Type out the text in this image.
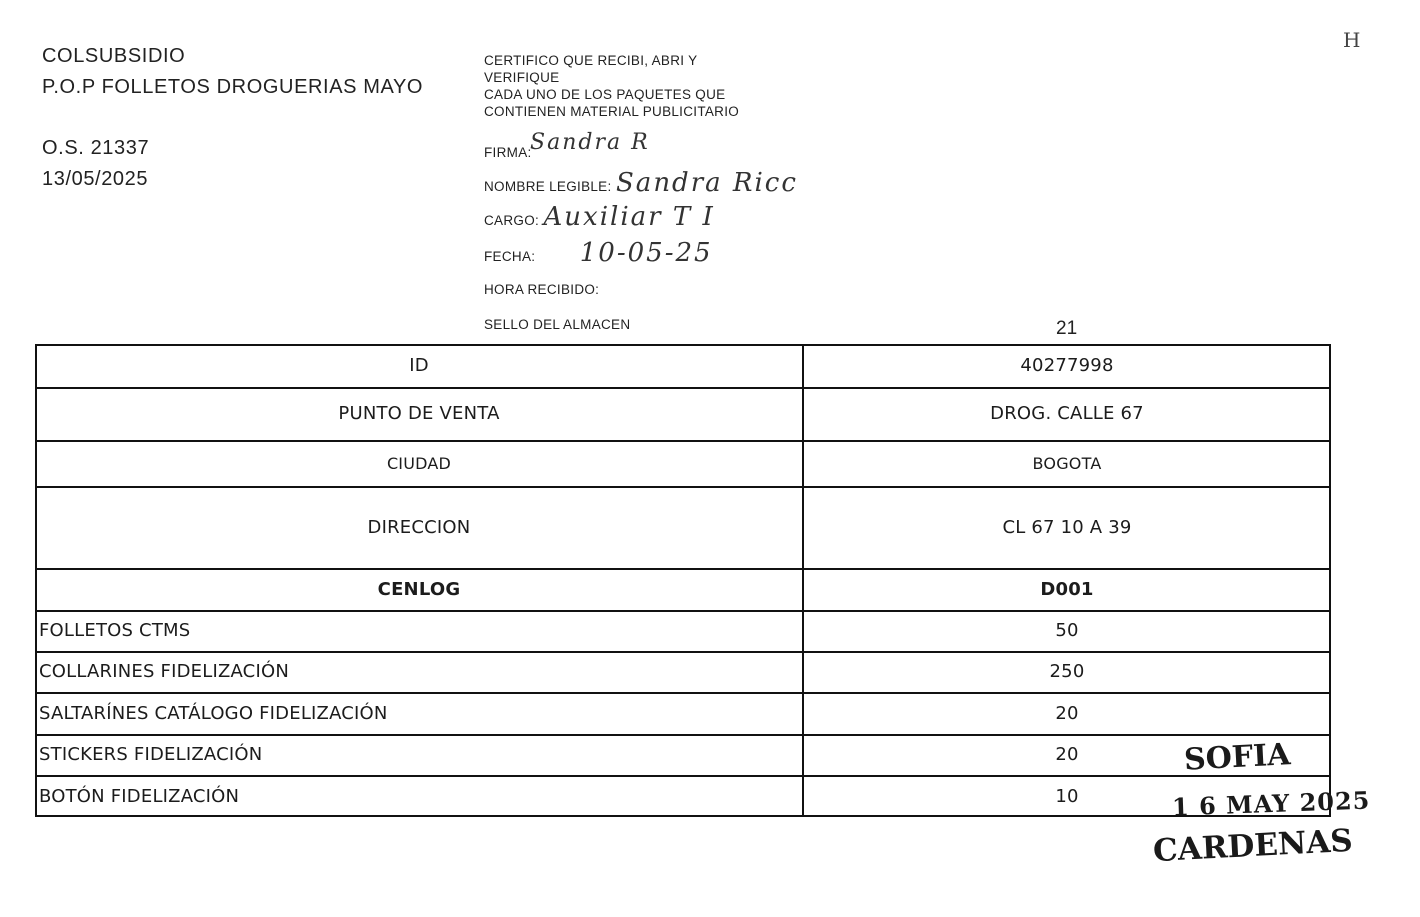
COLSUBSIDIO
P.O.P FOLLETOS DROGUERIAS MAYO
O.S. 21337
13/05/2025
CERTIFICO QUE RECIBI, ABRI Y
VERIFIQUE
CADA UNO DE LOS PAQUETES QUE
CONTIENEN MATERIAL PUBLICITARIO
FIRMA: Sandra R
NOMBRE LEGIBLE: Sandra Ricc
CARGO: Auxiliar T I
FECHA: 10-05-25
HORA RECIBIDO:
SELLO DEL ALMACEN
H
21
ID	40277998
PUNTO DE VENTA	DROG. CALLE 67
CIUDAD	BOGOTA
DIRECCION	CL 67 10 A 39
CENLOG	D001
FOLLETOS CTMS	50
COLLARINES FIDELIZACIÓN	250
SALTARÍNES CATÁLOGO FIDELIZACIÓN	20
STICKERS FIDELIZACIÓN	20
BOTÓN FIDELIZACIÓN	10
SOFIA
1 6 MAY 2025
CARDENAS
